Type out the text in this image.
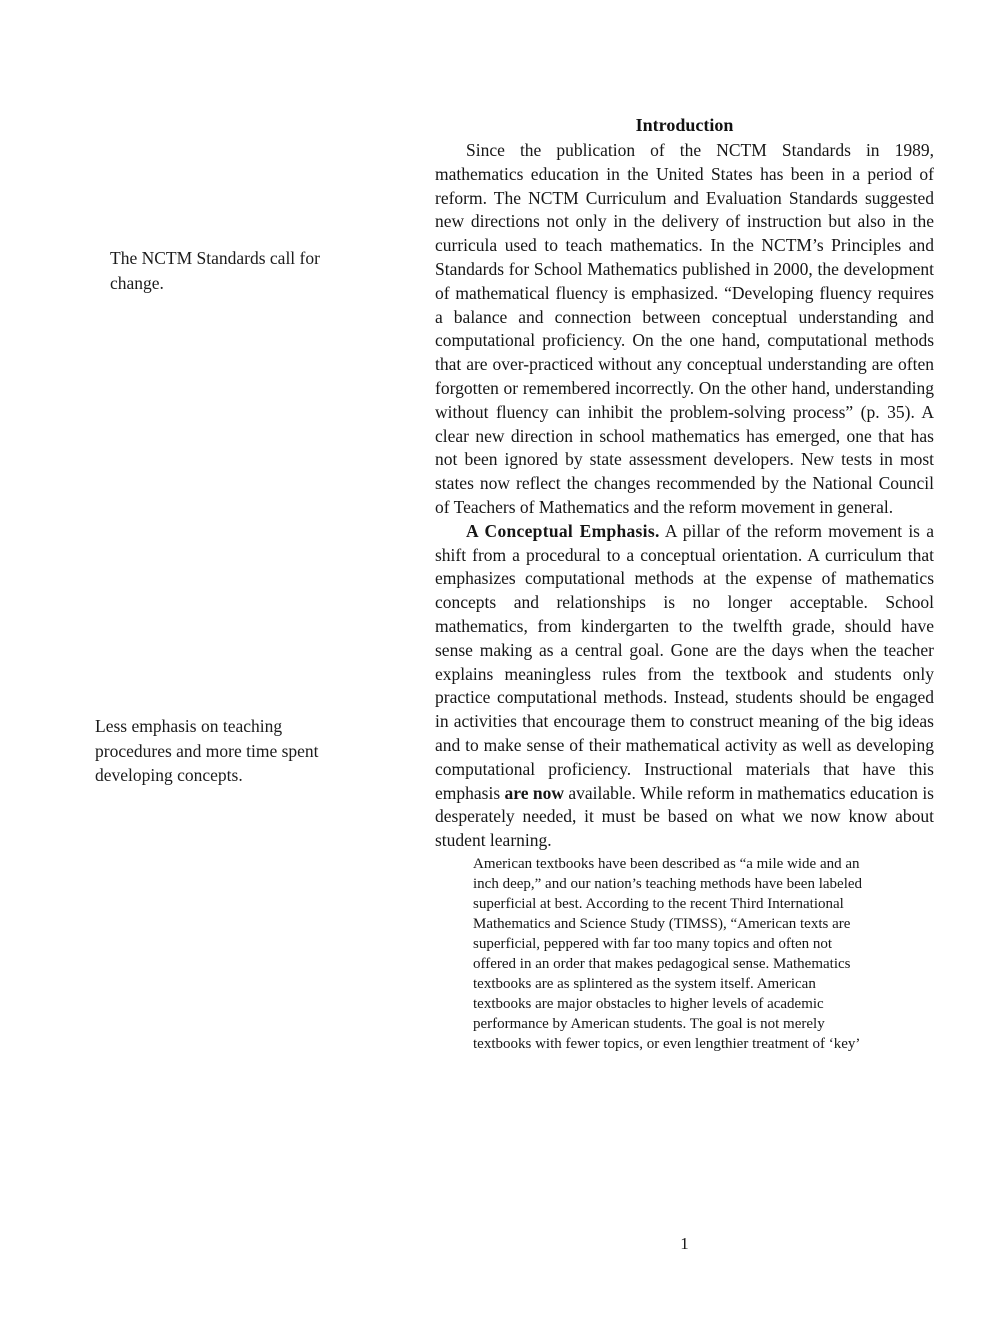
The NCTM Standards call for change.
Less emphasis on teaching procedures and more time spent developing concepts.
Introduction

Since the publication of the NCTM Standards in 1989, mathematics education in the United States has been in a period of reform. The NCTM Curriculum and Evaluation Standards suggested new directions not only in the delivery of instruction but also in the curricula used to teach mathematics. In the NCTM’s Principles and Standards for School Mathematics published in 2000, the development of mathematical fluency is emphasized. “Developing fluency requires a balance and connection between conceptual understanding and computational proficiency. On the one hand, computational methods that are over-practiced without any conceptual understanding are often forgotten or remembered incorrectly. On the other hand, understanding without fluency can inhibit the problem-solving process” (p. 35). A clear new direction in school mathematics has emerged, one that has not been ignored by state assessment developers. New tests in most states now reflect the changes recommended by the National Council of Teachers of Mathematics and the reform movement in general.

A Conceptual Emphasis. A pillar of the reform movement is a shift from a procedural to a conceptual orientation. A curriculum that emphasizes computational methods at the expense of mathematics concepts and relationships is no longer acceptable. School mathematics, from kindergarten to the twelfth grade, should have sense making as a central goal. Gone are the days when the teacher explains meaningless rules from the textbook and students only practice computational methods. Instead, students should be engaged in activities that encourage them to construct meaning of the big ideas and to make sense of their mathematical activity as well as developing computational proficiency. Instructional materials that have this emphasis are now available. While reform in mathematics education is desperately needed, it must be based on what we now know about student learning.

American textbooks have been described as “a mile wide and an inch deep,” and our nation’s teaching methods have been labeled superficial at best. According to the recent Third International Mathematics and Science Study (TIMSS), “American texts are superficial, peppered with far too many topics and often not offered in an order that makes pedagogical sense. Mathematics textbooks are as splintered as the system itself. American textbooks are major obstacles to higher levels of academic performance by American students. The goal is not merely textbooks with fewer topics, or even lengthier treatment of ‘key’
1
